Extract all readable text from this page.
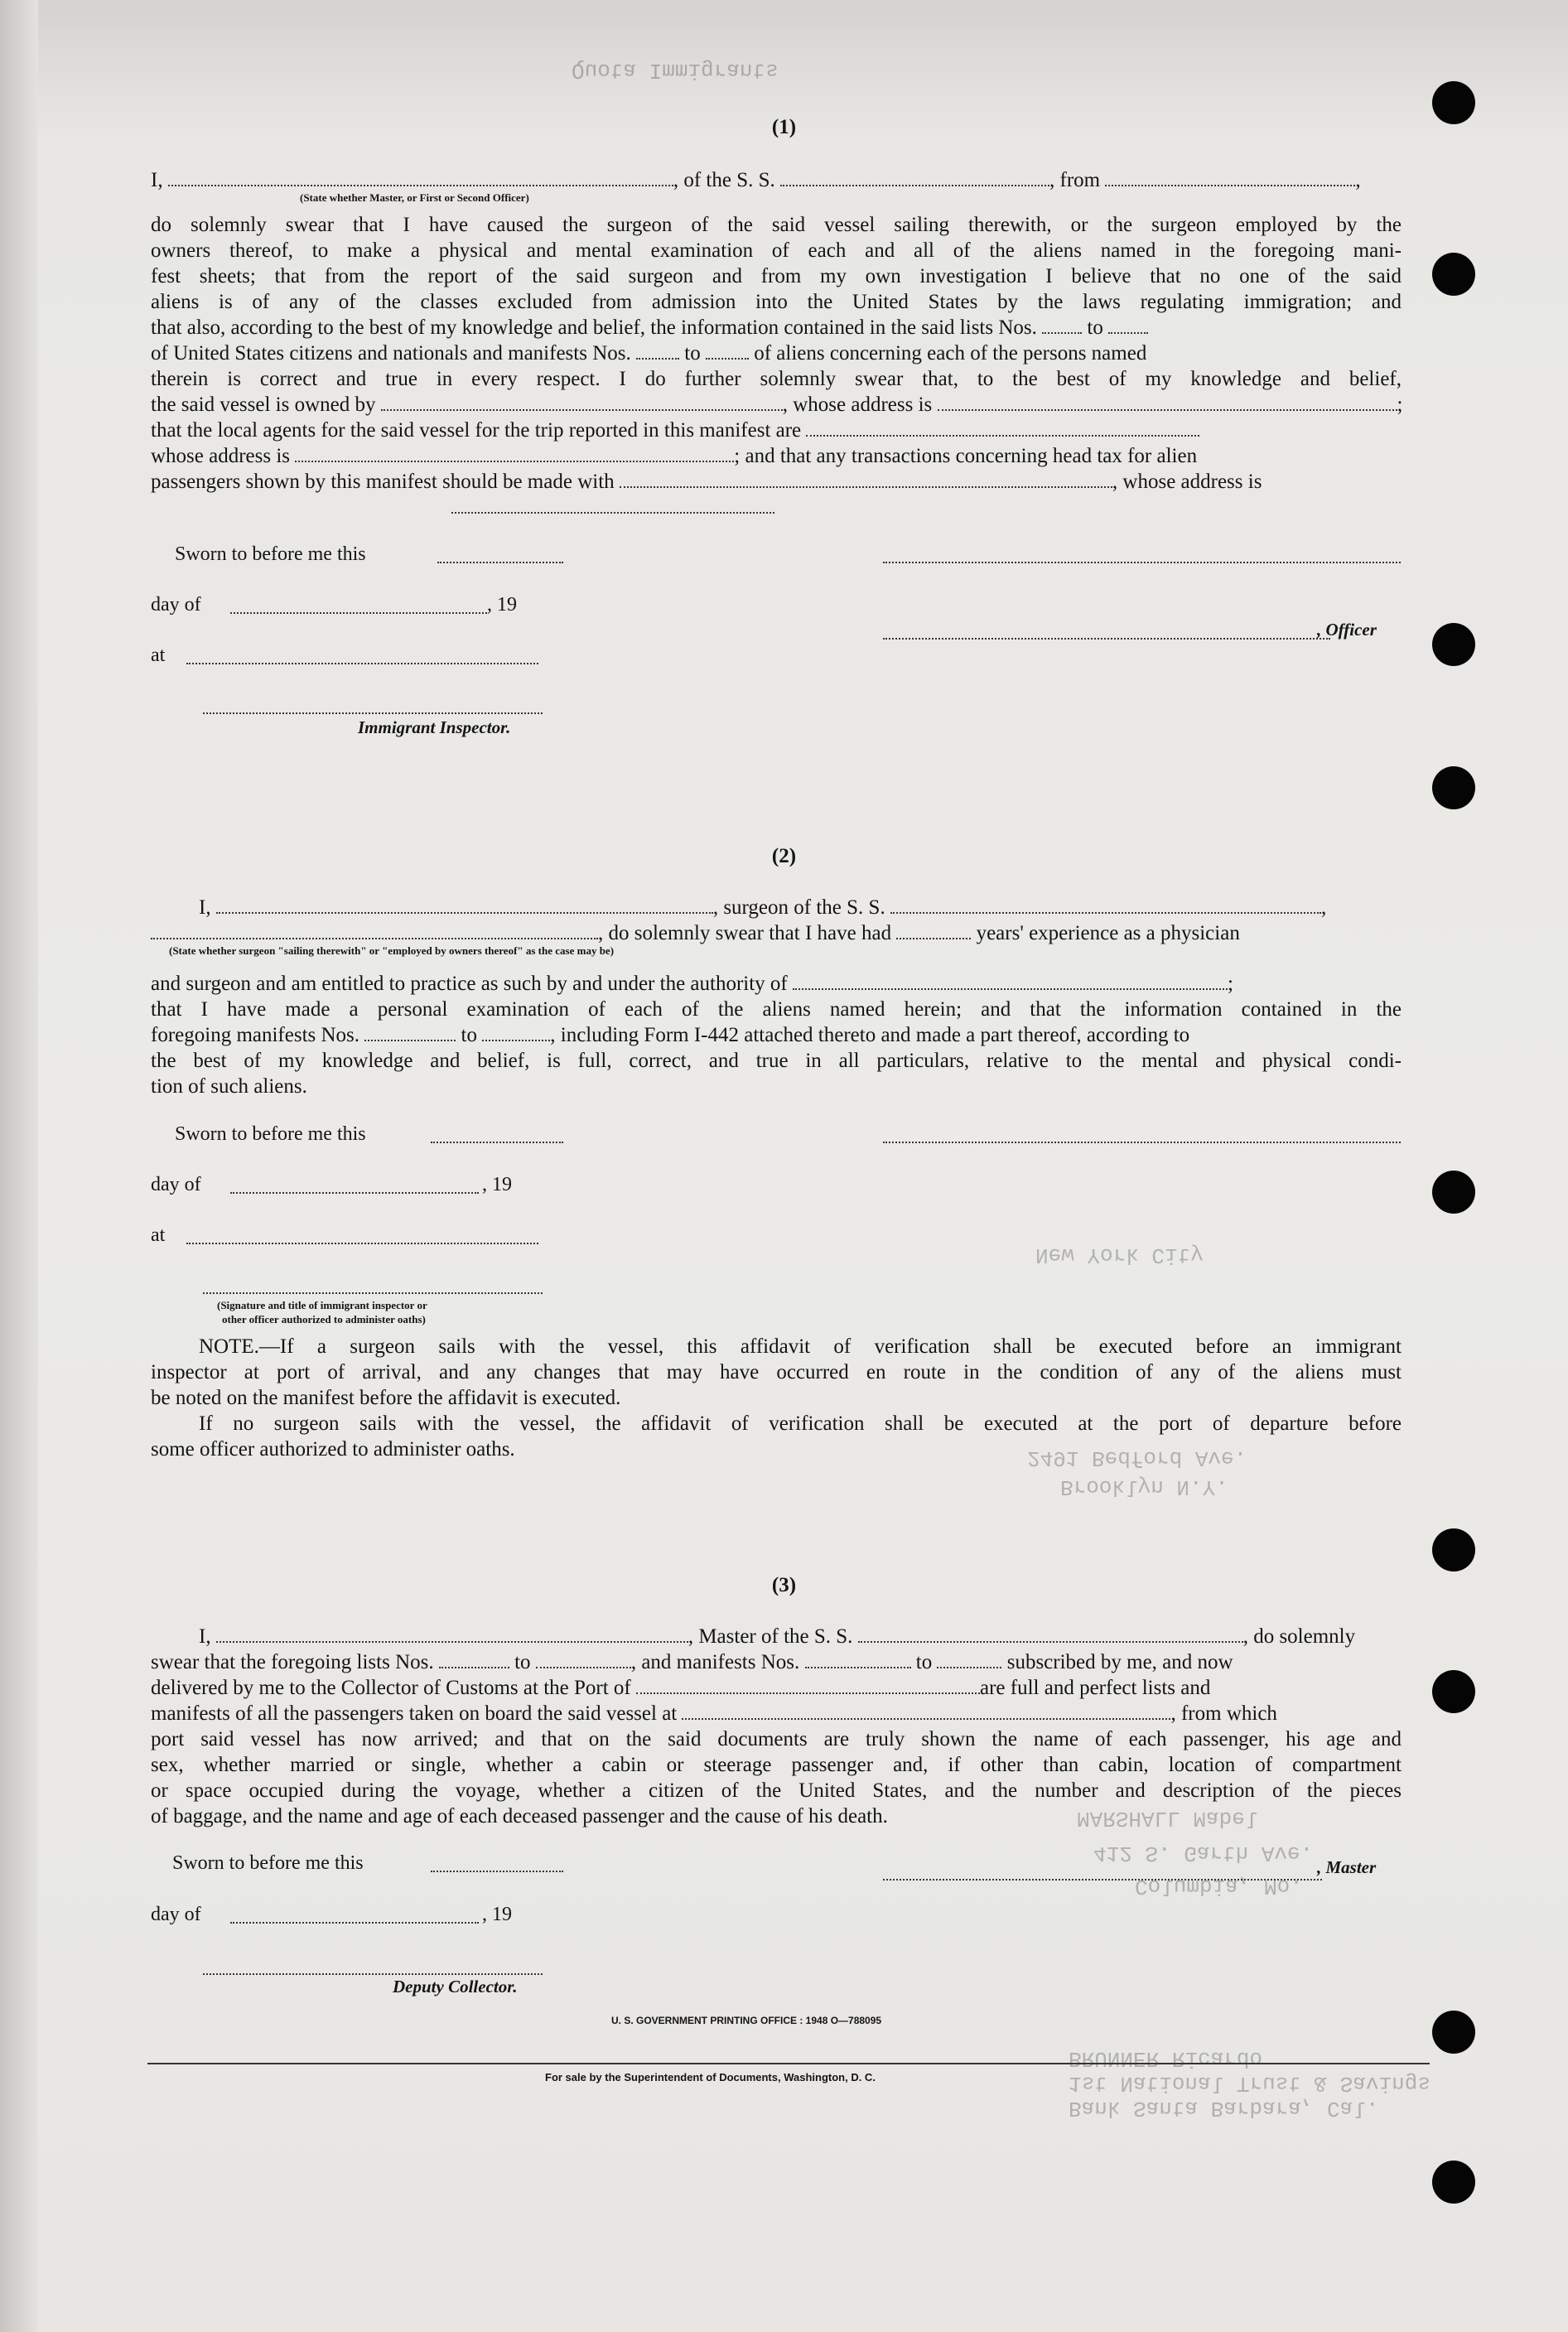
Quota Immigrants
MARSHALL Mabel
412 S. Garth Ave.
Columbia, Mo.
BRUNNER Ricardo
1st National Trust & Savings
Bank Santa Barbara, Cal.
New York City
Brooklyn N.Y.
2491 Bedford Ave.
(1)

I,	, of the S. S.	, from	,

(State whether Master, or First or Second Officer)

do solemnly swear that I have caused the surgeon of the said vessel sailing therewith, or the surgeon employed by the

owners thereof, to make a physical and mental examination of each and all of the aliens named in the foregoing mani-

fest sheets; that from the report of the said surgeon and from my own investigation I believe that no one of the said

aliens is of any of the classes excluded from admission into the United States by the laws regulating immigration; and

that also, according to the best of my knowledge and belief, the information contained in the said lists Nos. to

of United States citizens and nationals and manifests Nos.	to	of aliens concerning each of the persons named

therein is correct and true in every respect. I do further solemnly swear that, to the best of my knowledge and belief,

the said vessel is owned by	, whose address is	;

that the local agents for the said vessel for the trip reported in this manifest are

whose address is	; and that any transactions concerning head tax for alien

passengers shown by this manifest should be made with	, whose address is

Sworn to before me this
day of	, 19
, Officer
at
Immigrant Inspector.
(2)

I,	, surgeon of the S. S.	,

, do solemnly swear that I have had	years' experience as a physician

(State whether surgeon "sailing therewith" or "employed by owners thereof" as the case may be)

and surgeon and am entitled to practice as such by and under the authority of	;

that I have made a personal examination of each of the aliens named herein; and that the information contained in the

foregoing manifests Nos.	to	, including Form I-442 attached thereto and made a part thereof, according to

the best of my knowledge and belief, is full, correct, and true in all particulars, relative to the mental and physical condi-

tion of such aliens.

Sworn to before me this
day of	, 19
at
(Signature and title of immigrant inspector or
other officer authorized to administer oaths)

NOTE.—If a surgeon sails with the vessel, this affidavit of verification shall be executed before an immigrant

inspector at port of arrival, and any changes that may have occurred en route in the condition of any of the aliens must

be noted on the manifest before the affidavit is executed.

If no surgeon sails with the vessel, the affidavit of verification shall be executed at the port of departure before

some officer authorized to administer oaths.

(3)

I,	, Master of the S. S.	, do solemnly

swear that the foregoing lists Nos.	to	, and manifests Nos.	to	subscribed by me, and now

delivered by me to the Collector of Customs at the Port of	are full and perfect lists and

manifests of all the passengers taken on board the said vessel at	, from which

port said vessel has now arrived; and that on the said documents are truly shown the name of each passenger, his age and

sex, whether married or single, whether a cabin or steerage passenger and, if other than cabin, location of compartment

or space occupied during the voyage, whether a citizen of the United States, and the number and description of the pieces

of baggage, and the name and age of each deceased passenger and the cause of his death.

Sworn to before me this	, Master
day of	, 19
Deputy Collector.
U. S. GOVERNMENT PRINTING OFFICE : 1948 O—788095
For sale by the Superintendent of Documents, Washington, D. C.
